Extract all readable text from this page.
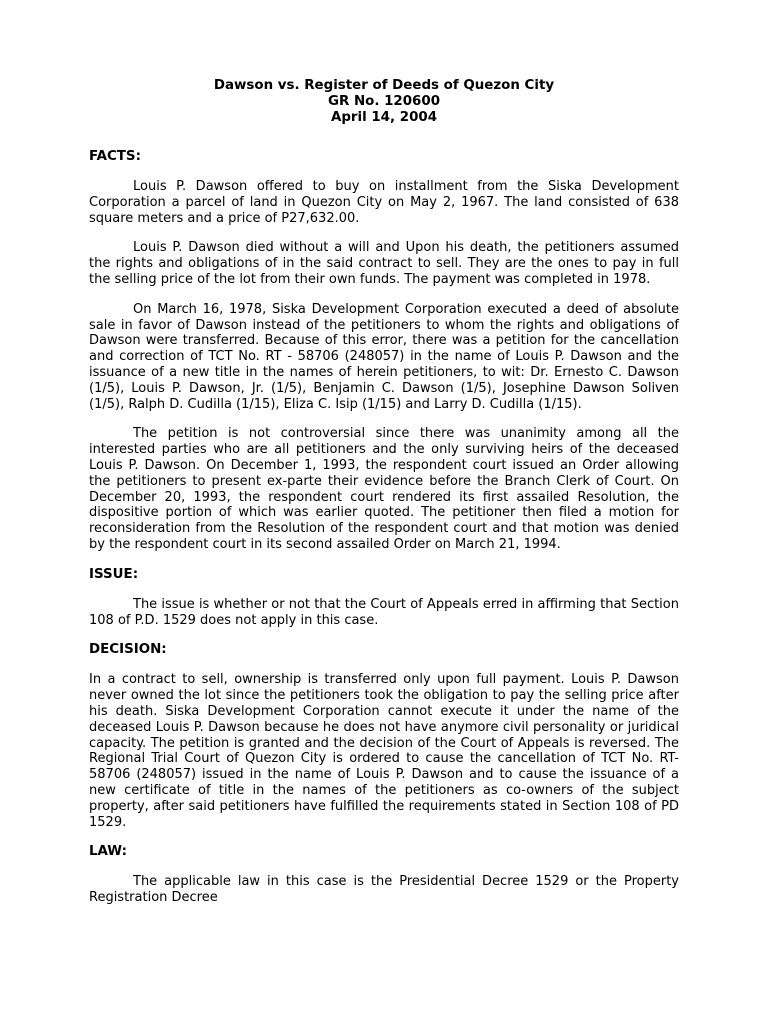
Dawson vs. Register of Deeds of Quezon City
GR No. 120600
April 14, 2004
FACTS:

Louis P. Dawson offered to buy on installment from the Siska Development Corporation a parcel of land in Quezon City on May 2, 1967. The land consisted of 638 square meters and a price of P27,632.00.

Louis P. Dawson died without a will and Upon his death, the petitioners assumed the rights and obligations of in the said contract to sell. They are the ones to pay in full the selling price of the lot from their own funds. The payment was completed in 1978.

On March 16, 1978, Siska Development Corporation executed a deed of absolute sale in favor of Dawson instead of the petitioners to whom the rights and obligations of Dawson were transferred. Because of this error, there was a petition for the cancellation and correction of TCT No. RT - 58706 (248057) in the name of Louis P. Dawson and the issuance of a new title in the names of herein petitioners, to wit: Dr. Ernesto C. Dawson (1/5), Louis P. Dawson, Jr. (1/5), Benjamin C. Dawson (1/5), Josephine Dawson Soliven (1/5), Ralph D. Cudilla (1/15), Eliza C. Isip (1/15) and Larry D. Cudilla (1/15).

The petition is not controversial since there was unanimity among all the interested parties who are all petitioners and the only surviving heirs of the deceased Louis P. Dawson. On December 1, 1993, the respondent court issued an Order allowing the petitioners to present ex-parte their evidence before the Branch Clerk of Court. On December 20, 1993, the respondent court rendered its first assailed Resolution, the dispositive portion of which was earlier quoted. The petitioner then filed a motion for reconsideration from the Resolution of the respondent court and that motion was denied by the respondent court in its second assailed Order on March 21, 1994.

ISSUE:

The issue is whether or not that the Court of Appeals erred in affirming that Section 108 of P.D. 1529 does not apply in this case.

DECISION:

In a contract to sell, ownership is transferred only upon full payment. Louis P. Dawson never owned the lot since the petitioners took the obligation to pay the selling price after his death. Siska Development Corporation cannot execute it under the name of the deceased Louis P. Dawson because he does not have anymore civil personality or juridical capacity. The petition is granted and the decision of the Court of Appeals is reversed. The Regional Trial Court of Quezon City is ordered to cause the cancellation of TCT No. RT-58706 (248057) issued in the name of Louis P. Dawson and to cause the issuance of a new certificate of title in the names of the petitioners as co-owners of the subject property, after said petitioners have fulfilled the requirements stated in Section 108 of PD 1529.

LAW:

The applicable law in this case is the Presidential Decree 1529 or the Property Registration Decree
